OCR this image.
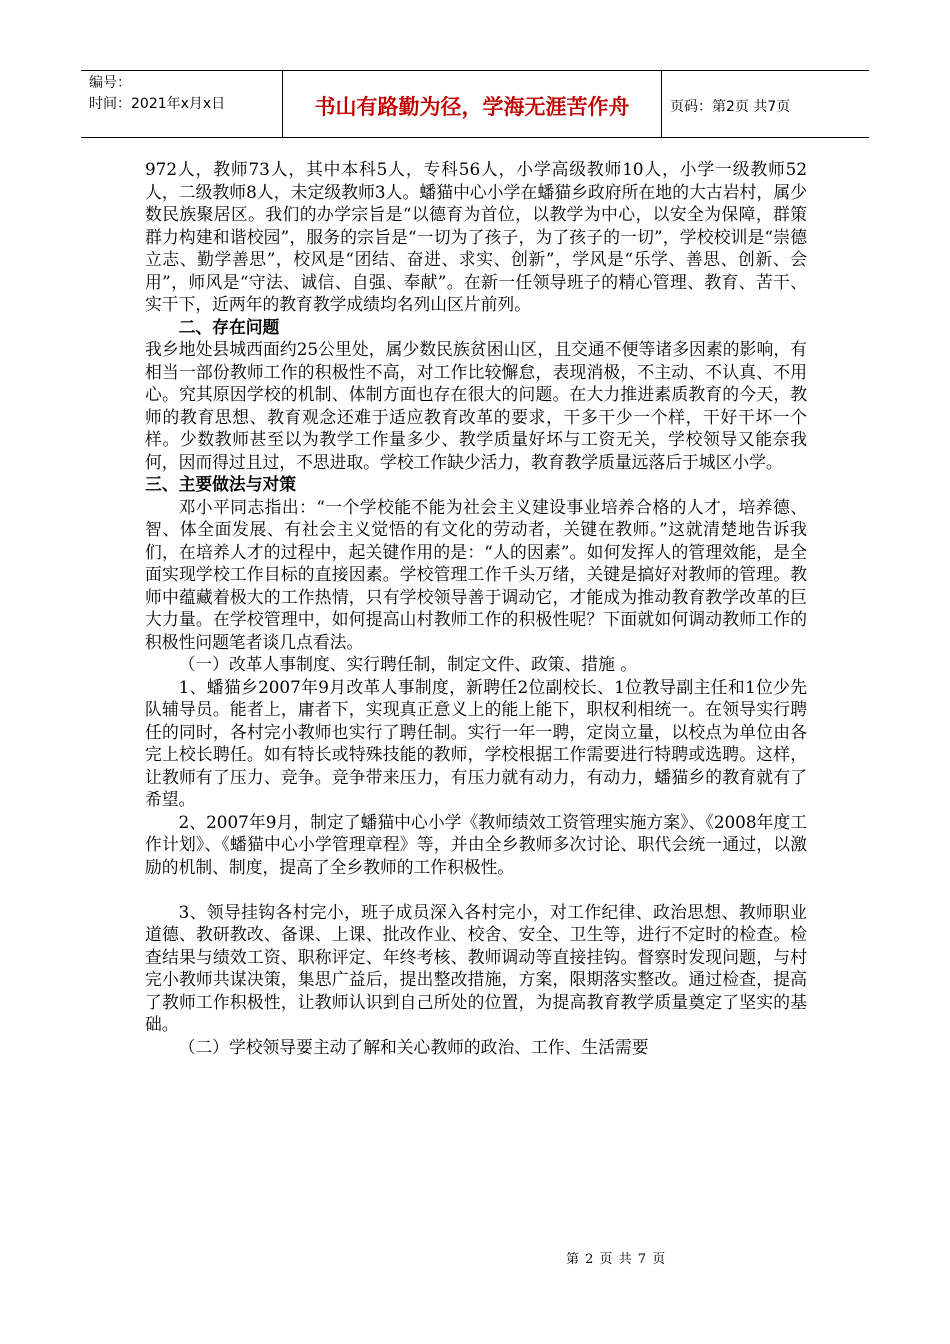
编号：
时间：2021年x月x日	书山有路勤为径，学海无涯苦作舟	页码：第2页 共7页

972人，教师73人，其中本科5人，专科56人，小学高级教师10人，小学一级教师52人，二级教师8人，未定级教师3人。蟠猫中心小学在蟠猫乡政府所在地的大古岩村，属少数民族聚居区。我们的办学宗旨是“以德育为首位，以教学为中心，以安全为保障，群策群力构建和谐校园”，服务的宗旨是“一切为了孩子，为了孩子的一切”，学校校训是“崇德立志、勤学善思”，校风是“团结、奋进、求实、创新”，学风是“乐学、善思、创新、会用”，师风是“守法、诚信、自强、奉献”。在新一任领导班子的精心管理、教育、苦干、实干下，近两年的教育教学成绩均名列山区片前列。

二、存在问题

我乡地处县城西面约25公里处，属少数民族贫困山区，且交通不便等诸多因素的影响，有相当一部份教师工作的积极性不高，对工作比较懈怠，表现消极，不主动、不认真、不用心。究其原因学校的机制、体制方面也存在很大的问题。在大力推进素质教育的今天，教师的教育思想、教育观念还难于适应教育改革的要求，干多干少一个样，干好干坏一个样。少数教师甚至以为教学工作量多少、教学质量好坏与工资无关，学校领导又能奈我何，因而得过且过，不思进取。学校工作缺少活力，教育教学质量远落后于城区小学。

三、主要做法与对策

邓小平同志指出：“一个学校能不能为社会主义建设事业培养合格的人才，培养德、智、体全面发展、有社会主义觉悟的有文化的劳动者，关键在教师。”这就清楚地告诉我们，在培养人才的过程中，起关键作用的是：“人的因素”。如何发挥人的管理效能，是全面实现学校工作目标的直接因素。学校管理工作千头万绪，关键是搞好对教师的管理。教师中蕴藏着极大的工作热情，只有学校领导善于调动它，才能成为推动教育教学改革的巨大力量。在学校管理中，如何提高山村教师工作的积极性呢？下面就如何调动教师工作的积极性问题笔者谈几点看法。

（一）改革人事制度、实行聘任制，制定文件、政策、措施 。

1、蟠猫乡2007年9月改革人事制度，新聘任2位副校长、1位教导副主任和1位少先队辅导员。能者上，庸者下，实现真正意义上的能上能下，职权利相统一。在领导实行聘任的同时，各村完小教师也实行了聘任制。实行一年一聘，定岗立量，以校点为单位由各完上校长聘任。如有特长或特殊技能的教师，学校根据工作需要进行特聘或选聘。这样，让教师有了压力、竞争。竞争带来压力，有压力就有动力，有动力，蟠猫乡的教育就有了希望。

2、2007年9月，制定了蟠猫中心小学《教师绩效工资管理实施方案》、《2008年度工作计划》、《蟠猫中心小学管理章程》等，并由全乡教师多次讨论、职代会统一通过，以激励的机制、制度，提高了全乡教师的工作积极性。

3、领导挂钩各村完小，班子成员深入各村完小，对工作纪律、政治思想、教师职业道德、教研教改、备课、上课、批改作业、校舍、安全、卫生等，进行不定时的检查。检查结果与绩效工资、职称评定、年终考核、教师调动等直接挂钩。督察时发现问题，与村完小教师共谋决策，集思广益后，提出整改措施，方案，限期落实整改。通过检查，提高了教师工作积极性，让教师认识到自己所处的位置，为提高教育教学质量奠定了坚实的基础。

（二）学校领导要主动了解和关心教师的政治、工作、生活需要

第 2 页 共 7 页
